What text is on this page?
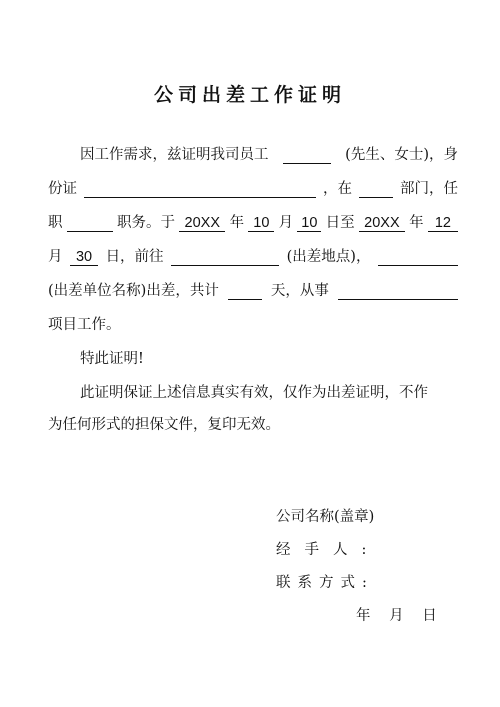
公司出差工作证明
因工作需求，兹证明我司员工	(先生、女士)，身
份证	，在	部门，任
职	职务。于 20XX 年 10 月 10 日至 20XX 年 12
月 30 日，前往	(出差地点)，
(出差单位名称)出差，共计	天，从事
项目工作。
特此证明!
此证明保证上述信息真实有效，仅作为出差证明，不作
为任何形式的担保文件，复印无效。
公司名称(盖章)
经手人:
联系方式:
年 月 日
